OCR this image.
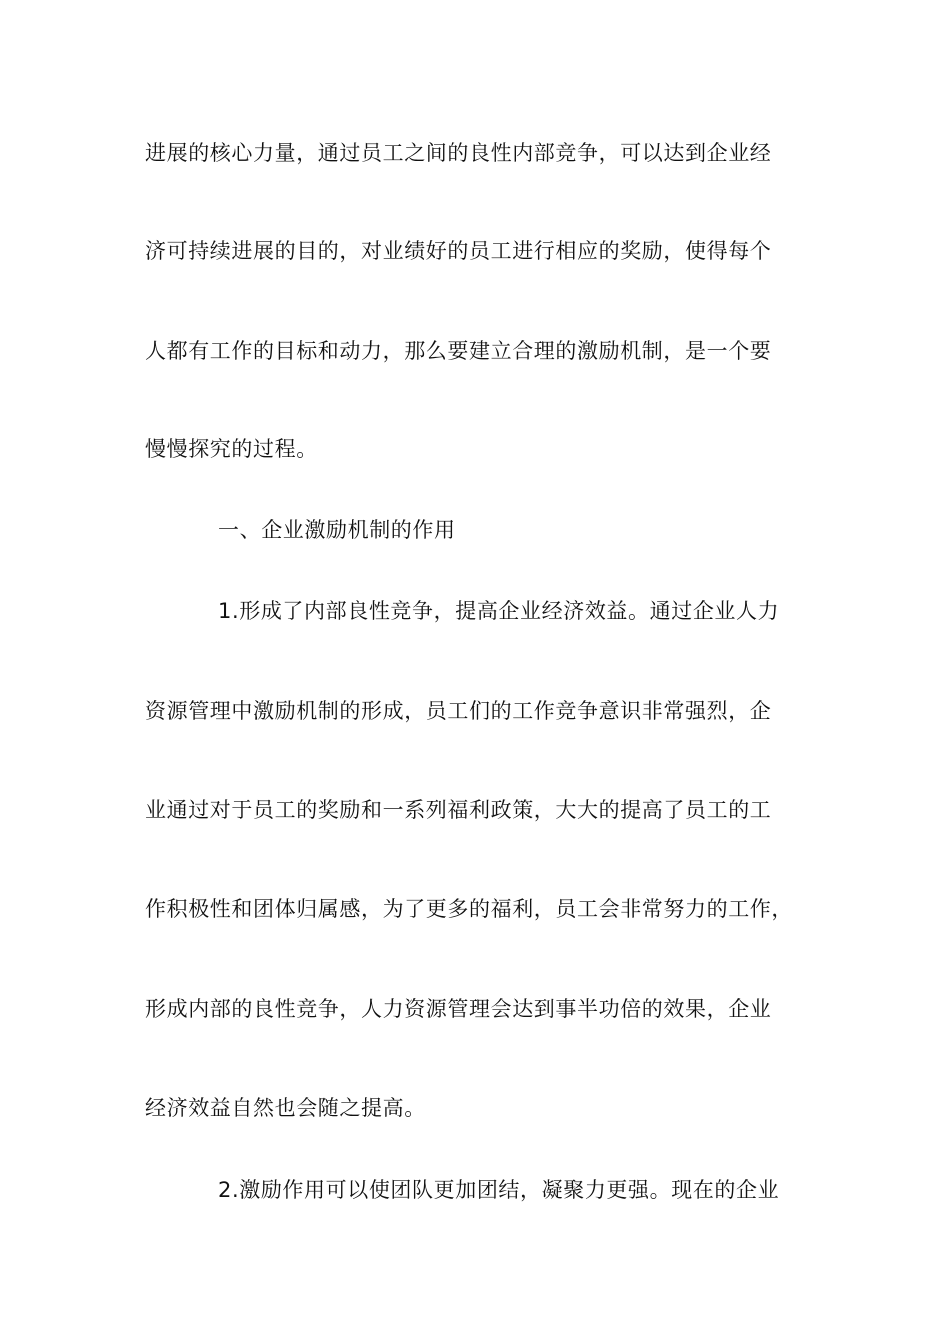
进展的核心力量，通过员工之间的良性内部竞争，可以达到企业经
济可持续进展的目的，对业绩好的员工进行相应的奖励，使得每个
人都有工作的目标和动力，那么要建立合理的激励机制，是一个要
慢慢探究的过程。
一、企业激励机制的作用
1.形成了内部良性竞争，提高企业经济效益。通过企业人力
资源管理中激励机制的形成，员工们的工作竞争意识非常强烈，企
业通过对于员工的奖励和一系列福利政策，大大的提高了员工的工
作积极性和团体归属感，为了更多的福利，员工会非常努力的工作，
形成内部的良性竞争，人力资源管理会达到事半功倍的效果，企业
经济效益自然也会随之提高。
2.激励作用可以使团队更加团结，凝聚力更强。现在的企业
